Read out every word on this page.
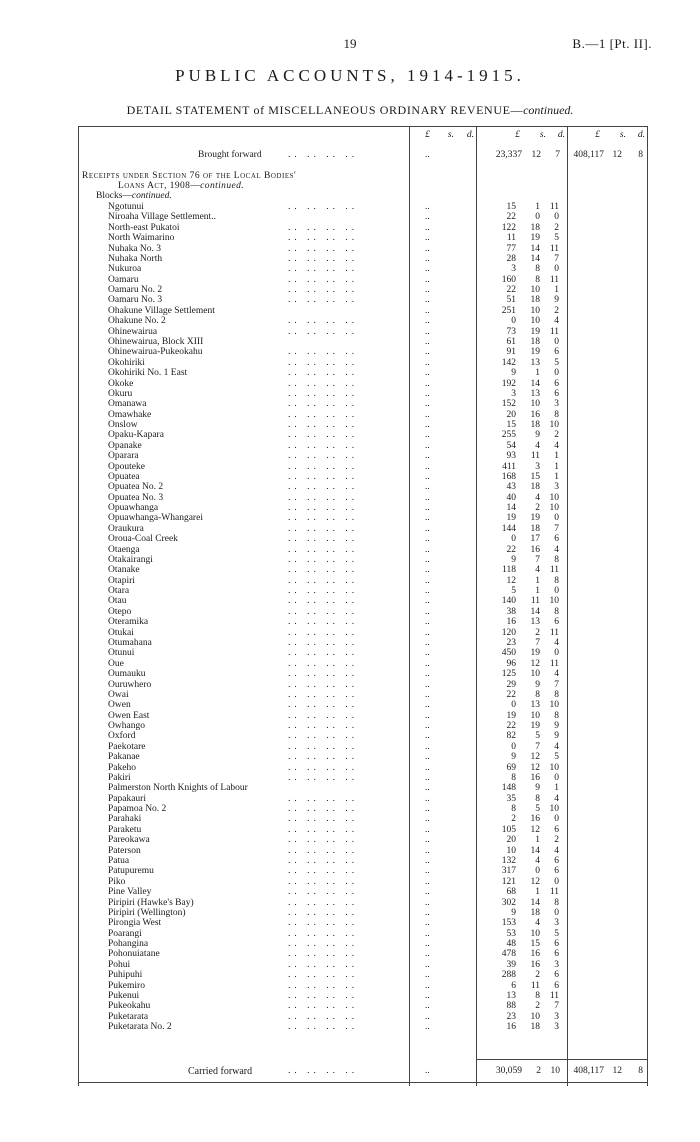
19	B.—1 [Pt. II].
PUBLIC ACCOUNTS, 1914-1915.
DETAIL STATEMENT of MISCELLANEOUS ORDINARY REVENUE—continued.
£	s.	d.	£	s.	d.	£	s.	d.
Brought forward	.. .. .. ..	..	23,337	12	7	408,117 12	8
Receipts under Section 76 of the Local Bodies'
Loans Act, 1908—continued.
Blocks—continued.
Ngotunui	.. .. .. ..	..	15	1	11
Niroaha Village Settlement..	..	22	0	0
North-east Pukatoi	.. .. .. ..	..	122	18	2
North Waimarino	.. .. .. ..	..	11	19	5
Nuhaka No. 3	.. .. .. ..	..	77	14	11
Nuhaka North	.. .. .. ..	..	28	14	7
Nukuroa	.. .. .. ..	..	3	8	0
Oamaru	.. .. .. ..	..	160	8	11
Oamaru No. 2	.. .. .. ..	..	22	10	1
Oamaru No. 3	.. .. .. ..	..	51	18	9
Ohakune Village Settlement	..	251	10	2
Ohakune No. 2	.. .. .. ..	..	0	10	4
Ohinewairua	.. .. .. ..	..	73	19	11
Ohinewairua, Block XIII	..	61	18	0
Ohinewairua-Pukeokahu	.. .. .. ..	..	91	19	6
Okohiriki	.. .. .. ..	..	142	13	5
Okohiriki No. 1 East	.. .. .. ..	..	9	1	0
Okoke	.. .. .. ..	..	192	14	6
Okuru	.. .. .. ..	..	3	13	6
Omanawa	.. .. .. ..	..	152	10	3
Omawhake	.. .. .. ..	..	20	16	8
Onslow	.. .. .. ..	..	15	18	10
Opaku-Kapara	.. .. .. ..	..	255	9	2
Opanake	.. .. .. ..	..	54	4	4
Oparara	.. .. .. ..	..	93	11	1
Opouteke	.. .. .. ..	..	411	3	1
Opuatea	.. .. .. ..	..	168	15	1
Opuatea No. 2	.. .. .. ..	..	43	18	3
Opuatea No. 3	.. .. .. ..	..	40	4	10
Opuawhanga	.. .. .. ..	..	14	2	10
Opuawhanga-Whangarei	.. .. .. ..	..	19	19	0
Oraukura	.. .. .. ..	..	144	18	7
Oroua-Coal Creek	.. .. .. ..	..	0	17	6
Otaenga	.. .. .. ..	..	22	16	4
Otakairangi	.. .. .. ..	..	9	7	8
Otanake	.. .. .. ..	..	118	4	11
Otapiri	.. .. .. ..	..	12	1	8
Otara	.. .. .. ..	..	5	1	0
Otau	.. .. .. ..	..	140	11	10
Otepo	.. .. .. ..	..	38	14	8
Oteramika	.. .. .. ..	..	16	13	6
Otukai	.. .. .. ..	..	120	2	11
Otumahana	.. .. .. ..	..	23	7	4
Otunui	.. .. .. ..	..	450	19	0
Oue	.. .. .. ..	..	96	12	11
Oumauku	.. .. .. ..	..	125	10	4
Ouruwhero	.. .. .. ..	..	29	9	7
Owai	.. .. .. ..	..	22	8	8
Owen	.. .. .. ..	..	0	13	10
Owen East	.. .. .. ..	..	19	10	8
Owhango	.. .. .. ..	..	22	19	9
Oxford	.. .. .. ..	..	82	5	9
Paekotare	.. .. .. ..	..	0	7	4
Pakanae	.. .. .. ..	..	9	12	5
Pakeho	.. .. .. ..	..	69	12	10
Pakiri	.. .. .. ..	..	8	16	0
Palmerston North Knights of Labour	..	148	9	1
Papakauri	.. .. .. ..	..	35	8	4
Papamoa No. 2	.. .. .. ..	..	8	5	10
Parahaki	.. .. .. ..	..	2	16	0
Paraketu	.. .. .. ..	..	105	12	6
Pareokawa	.. .. .. ..	..	20	1	2
Paterson	.. .. .. ..	..	10	14	4
Patua	.. .. .. ..	..	132	4	6
Patupuremu	.. .. .. ..	..	317	0	6
Piko	.. .. .. ..	..	121	12	0
Pine Valley	.. .. .. ..	..	68	1	11
Piripiri (Hawke's Bay)	.. .. .. ..	..	302	14	8
Piripiri (Wellington)	.. .. .. ..	..	9	18	0
Pirongia West	.. .. .. ..	..	153	4	3
Poarangi	.. .. .. ..	..	53	10	5
Pohangina	.. .. .. ..	..	48	15	6
Pohonuiatane	.. .. .. ..	..	478	16	6
Pohui	.. .. .. ..	..	39	16	3
Puhipuhi	.. .. .. ..	..	288	2	6
Pukemiro	.. .. .. ..	..	6	11	6
Pukenui	.. .. .. ..	..	13	8	11
Pukeokahu	.. .. .. ..	..	88	2	7
Puketarata	.. .. .. ..	..	23	10	3
Puketarata No. 2	.. .. .. ..	..	16	18	3
Carried forward	.. .. .. ..	..	30,059	2	10	408,117 12	8
